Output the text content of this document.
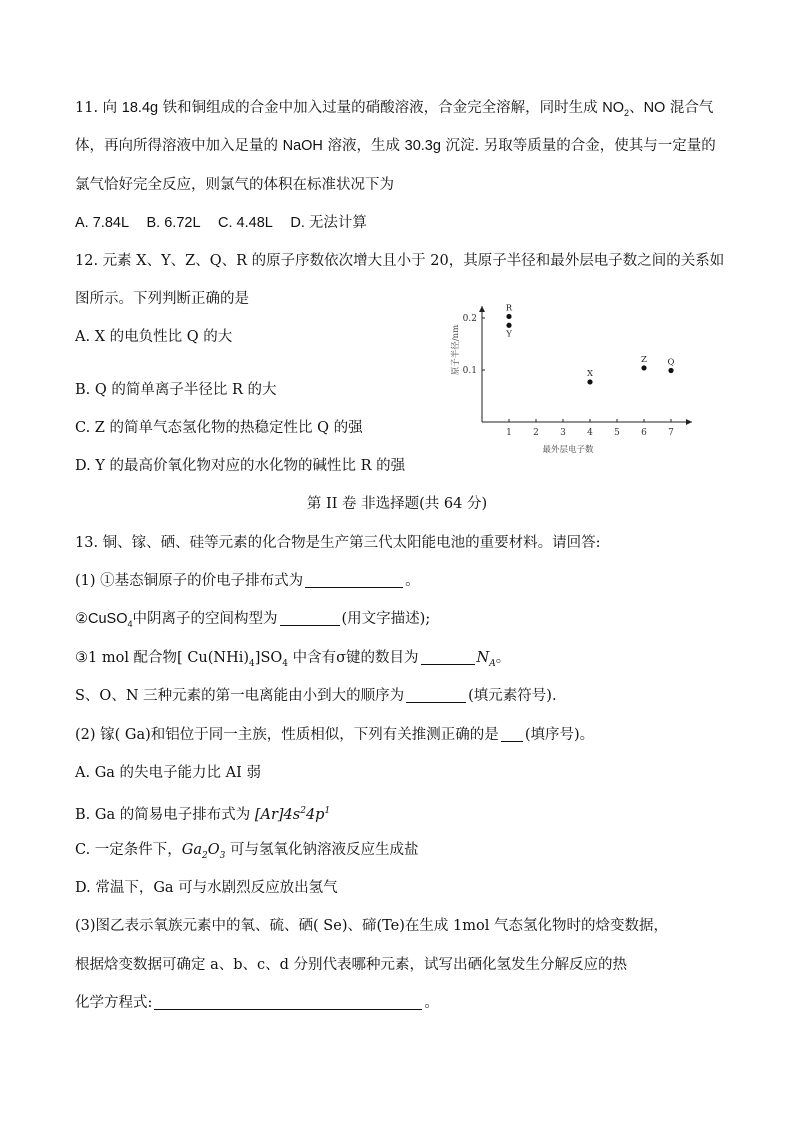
11. 向 18.4g 铁和铜组成的合金中加入过量的硝酸溶液，合金完全溶解，同时生成 $NO_2$、NO 混合气
体，再向所得溶液中加入足量的 NaOH 溶液，生成 30.3g 沉淀. 另取等质量的合金，使其与一定量的
氯气恰好完全反应，则氯气的体积在标准状况下为
A. 7.84L B. 6.72L C. 4.48L D. 无法计算
12. 元素 X、Y、Z、Q、R 的原子序数依次增大且小于 20，其原子半径和最外层电子数之间的关系如
图所示。下列判断正确的是
A. X 的电负性比 Q 的大
B. Q 的简单离子半径比 R 的大
C. Z 的简单气态氢化物的热稳定性比 Q 的强
D. Y 的最高价氧化物对应的水化物的碱性比 R 的强
1 2 3 4 5 6 7
0.1
0.2
R
Y
X
Z Q
最外层电子数
原子半径/nm
第 II 卷 非选择题(共 64 分)
13. 铜、镓、硒、硅等元素的化合物是生产第三代太阳能电池的重要材料。请回答:
(1) ①基态铜原子的价电子排布式为	。
②CuSO$_4$中阴离子的空间构型为	(用文字描述);
③1 mol 配合物[ $Cu(NHi)_4]SO_4$ 中含有σ键的数目为	$N_A$。
S、O、N 三种元素的第一电离能由小到大的顺序为	(填元素符号).
(2) 镓( Ga)和铝位于同一主族，性质相似，下列有关推测正确的是 (填序号)。
A. Ga 的失电子能力比 AI 弱
B. Ga 的简易电子排布式为 $[Ar]4s^24p^1$
C. 一定条件下，$Ga_2O_3$ 可与氢氧化钠溶液反应生成盐
D. 常温下，Ga 可与水剧烈反应放出氢气
(3)图乙表示氧族元素中的氧、硫、硒( Se)、碲(Te)在生成 1mol 气态氢化物时的焓变数据，
根据焓变数据可确定 a、b、c、d 分别代表哪种元素，试写出硒化氢发生分解反应的热
化学方程式:	。
